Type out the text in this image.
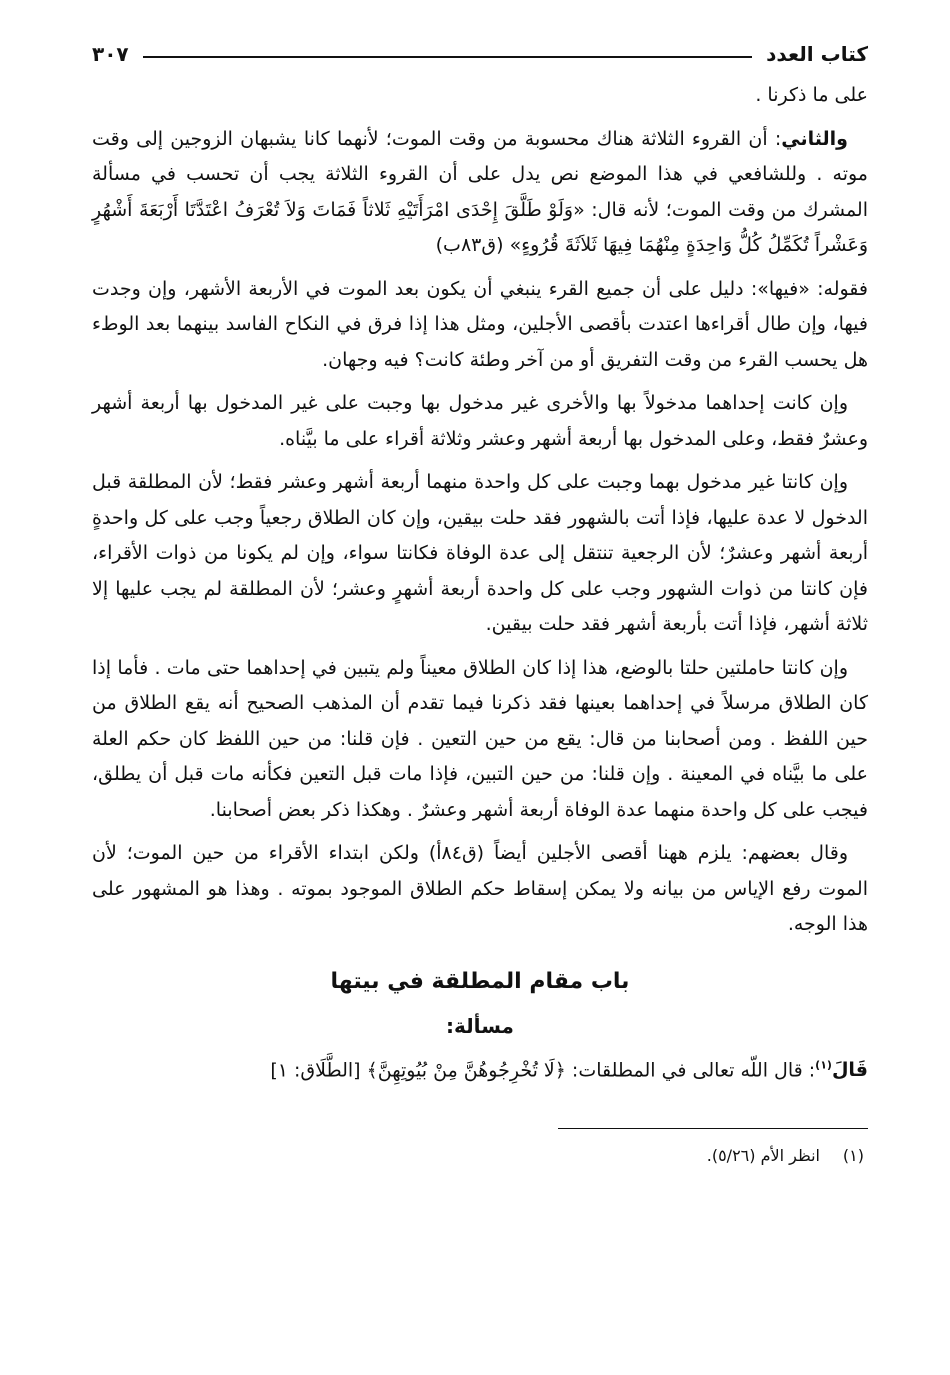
كتاب العدد
٣٠٧

على ما ذكرنا .

والثاني: أن القروء الثلاثة هناك محسوبة من وقت الموت؛ لأنهما كانا يشبهان الزوجين إلى وقت موته . وللشافعي في هذا الموضع نص يدل على أن القروء الثلاثة يجب أن تحسب في مسألة المشرك من وقت الموت؛ لأنه قال: «وَلَوْ طَلَّقَ إِحْدَى امْرَأَتَيْهِ ثَلاثاً فَمَاتَ وَلاَ تُعْرَفُ اعْتَدَّتَا أَرْبَعَةَ أَشْهُرٍ وَعَشْراً تُكَمِّلُ كُلُّ وَاحِدَةٍ مِنْهُمَا فِيهَا ثَلاَثَةَ قُرُوءٍ» (ق٨٣ب)

فقوله: «فيها»: دليل على أن جميع القرء ينبغي أن يكون بعد الموت في الأربعة الأشهر، وإن وجدت فيها، وإن طال أقراءها اعتدت بأقصى الأجلين، ومثل هذا إذا فرق في النكاح الفاسد بينهما بعد الوطء هل يحسب القرء من وقت التفريق أو من آخر وطئة كانت؟ فيه وجهان.

وإن كانت إحداهما مدخولاً بها والأخرى غير مدخول بها وجبت على غير المدخول بها أربعة أشهر وعشرٌ فقط، وعلى المدخول بها أربعة أشهر وعشر وثلاثة أقراء على ما بيَّناه.

وإن كانتا غير مدخول بهما وجبت على كل واحدة منهما أربعة أشهر وعشر فقط؛ لأن المطلقة قبل الدخول لا عدة عليها، فإذا أتت بالشهور فقد حلت بيقين، وإن كان الطلاق رجعياً وجب على كل واحدةٍ أربعة أشهر وعشرٌ؛ لأن الرجعية تنتقل إلى عدة الوفاة فكانتا سواء، وإن لم يكونا من ذوات الأقراء، فإن كانتا من ذوات الشهور وجب على كل واحدة أربعة أشهرٍ وعشر؛ لأن المطلقة لم يجب عليها إلا ثلاثة أشهر، فإذا أتت بأربعة أشهر فقد حلت بيقين.

وإن كانتا حاملتين حلتا بالوضع، هذا إذا كان الطلاق معيناً ولم يتبين في إحداهما حتى مات . فأما إذا كان الطلاق مرسلاً في إحداهما بعينها فقد ذكرنا فيما تقدم أن المذهب الصحيح أنه يقع الطلاق من حين اللفظ . ومن أصحابنا من قال: يقع من حين التعين . فإن قلنا: من حين اللفظ كان حكم العلة على ما بيَّناه في المعينة . وإن قلنا: من حين التبين، فإذا مات قبل التعين فكأنه مات قبل أن يطلق، فيجب على كل واحدة منهما عدة الوفاة أربعة أشهر وعشرٌ . وهكذا ذكر بعض أصحابنا.

وقال بعضهم: يلزم ههنا أقصى الأجلين أيضاً (ق٨٤أ) ولكن ابتداء الأقراء من حين الموت؛ لأن الموت رفع الإياس من بيانه ولا يمكن إسقاط حكم الطلاق الموجود بموته . وهذا هو المشهور على هذا الوجه.

باب مقام المطلقة في بيتها
مسألة:

قَالَ$^{(١)}$: قال اللّه تعالى في المطلقات: ﴿لَا تُخْرِجُوهُنَّ مِنْ بُيُوتِهِنَّ﴾ [الطَّلَاق: ١]

(١)انظر الأم (٥/٢٦).
